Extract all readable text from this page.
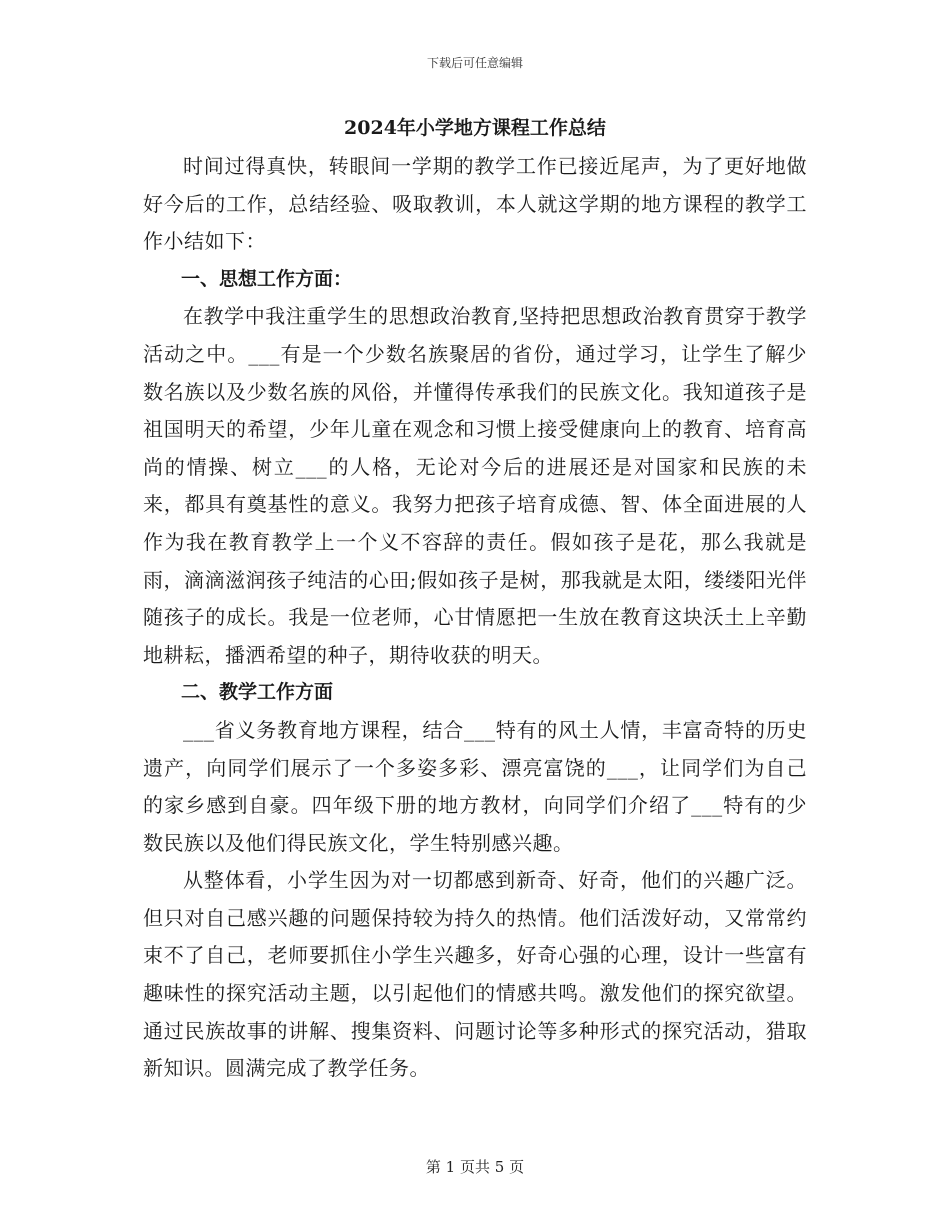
下载后可任意编辑
2024年小学地方课程工作总结

时间过得真快，转眼间一学期的教学工作已接近尾声，为了更好地做好今后的工作，总结经验、吸取教训，本人就这学期的地方课程的教学工作小结如下：

一、思想工作方面：

在教学中我注重学生的思想政治教育,坚持把思想政治教育贯穿于教学活动之中。___有是一个少数名族聚居的省份，通过学习，让学生了解少数名族以及少数名族的风俗，并懂得传承我们的民族文化。我知道孩子是祖国明天的希望，少年儿童在观念和习惯上接受健康向上的教育、培育高尚的情操、树立___的人格，无论对今后的进展还是对国家和民族的未来，都具有奠基性的意义。我努力把孩子培育成德、智、体全面进展的人作为我在教育教学上一个义不容辞的责任。假如孩子是花，那么我就是雨，滴滴滋润孩子纯洁的心田;假如孩子是树，那我就是太阳，缕缕阳光伴随孩子的成长。我是一位老师，心甘情愿把一生放在教育这块沃土上辛勤地耕耘，播洒希望的种子，期待收获的明天。

二、教学工作方面

___省义务教育地方课程，结合___特有的风土人情，丰富奇特的历史遗产，向同学们展示了一个多姿多彩、漂亮富饶的___，让同学们为自己的家乡感到自豪。四年级下册的地方教材，向同学们介绍了___特有的少数民族以及他们得民族文化，学生特别感兴趣。

从整体看，小学生因为对一切都感到新奇、好奇，他们的兴趣广泛。但只对自己感兴趣的问题保持较为持久的热情。他们活泼好动，又常常约束不了自己，老师要抓住小学生兴趣多，好奇心强的心理，设计一些富有趣味性的探究活动主题，以引起他们的情感共鸣。激发他们的探究欲望。通过民族故事的讲解、搜集资料、问题讨论等多种形式的探究活动，猎取新知识。圆满完成了教学任务。

第 1 页共 5 页
